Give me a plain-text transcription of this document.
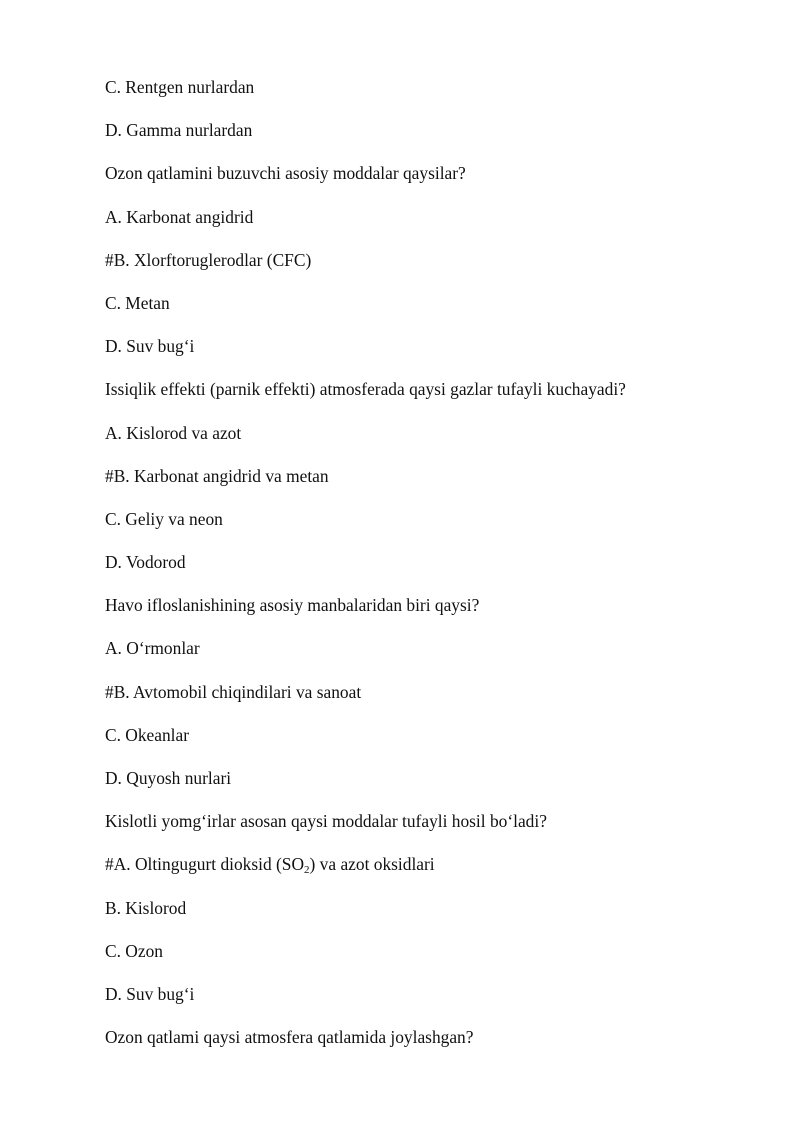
C. Rentgen nurlardan
D. Gamma nurlardan
Ozon qatlamini buzuvchi asosiy moddalar qaysilar?
A. Karbonat angidrid
#B. Xlorftoruglerodlar (CFC)
C. Metan
D. Suv bug‘i
Issiqlik effekti (parnik effekti) atmosferada qaysi gazlar tufayli kuchayadi?
A. Kislorod va azot
#B. Karbonat angidrid va metan
C. Geliy va neon
D. Vodorod
Havo ifloslanishining asosiy manbalaridan biri qaysi?
A. O‘rmonlar
#B. Avtomobil chiqindilari va sanoat
C. Okeanlar
D. Quyosh nurlari
Kislotli yomg‘irlar asosan qaysi moddalar tufayli hosil bo‘ladi?
#A. Oltingugurt dioksid $(SO_2)$ va azot oksidlari
B. Kislorod
C. Ozon
D. Suv bug‘i
Ozon qatlami qaysi atmosfera qatlamida joylashgan?
